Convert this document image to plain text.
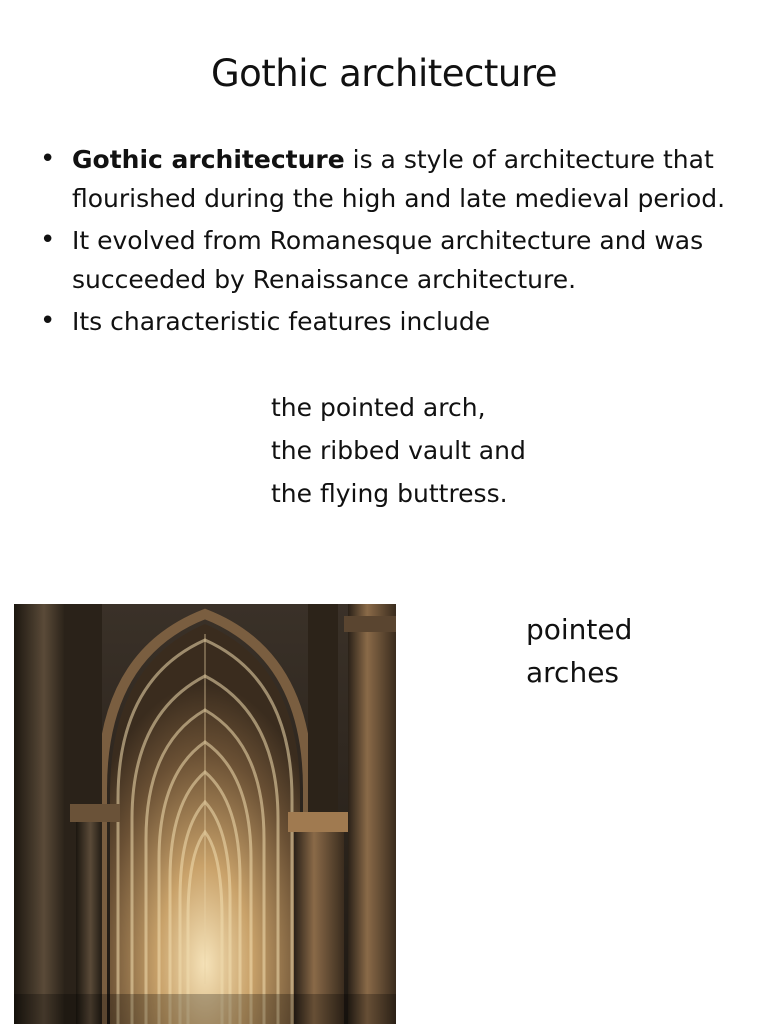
Gothic architecture
• Gothic architecture is a style of architecture that flourished during the high and late medieval period.
• It evolved from Romanesque architecture and was succeeded by Renaissance architecture.
• Its characteristic features include
the pointed arch,
the ribbed vault and
the flying buttress.
pointed
arches
